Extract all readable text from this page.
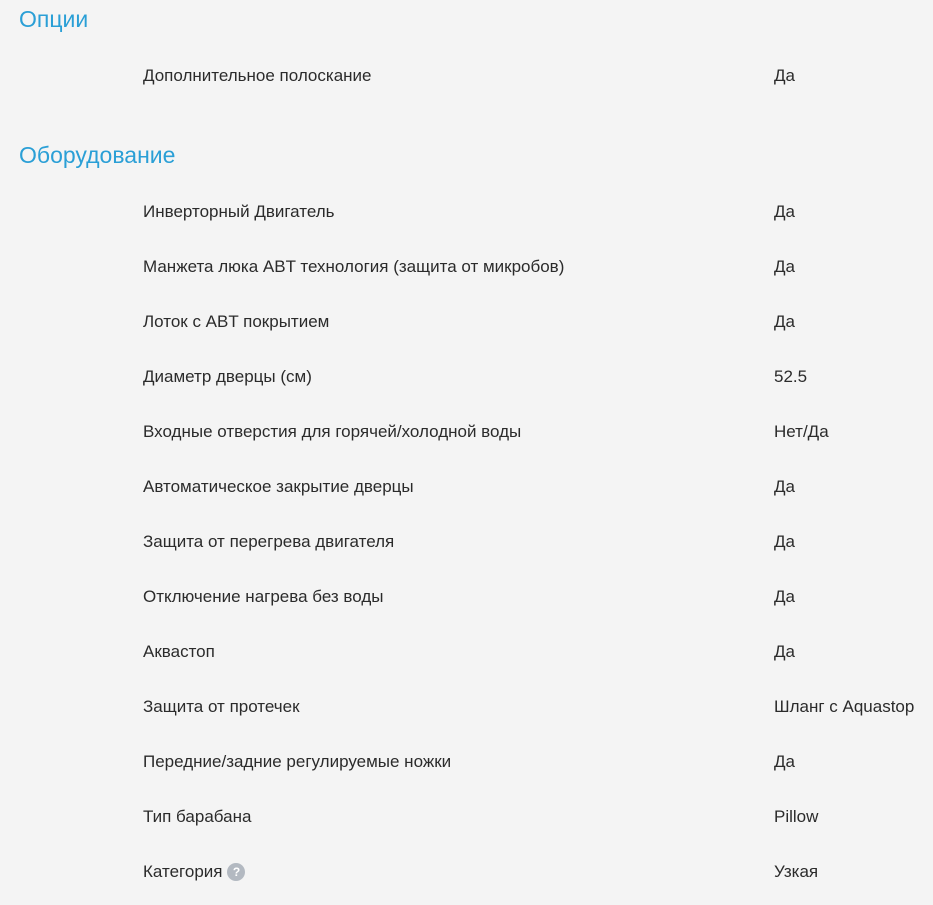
Опции
Дополнительное полоскание	Да
Оборудование
Инверторный Двигатель	Да
Манжета люка ABT технология (защита от микробов)	Да
Лоток с ABT покрытием	Да
Диаметр дверцы (см)	52.5
Входные отверстия для горячей/холодной воды	Нет/Да
Автоматическое закрытие дверцы	Да
Защита от перегрева двигателя	Да
Отключение нагрева без воды	Да
Аквастоп	Да
Защита от протечек	Шланг с Aquastop
Передние/задние регулируемые ножки	Да
Тип барабана	Pillow
Категория ?	Узкая
